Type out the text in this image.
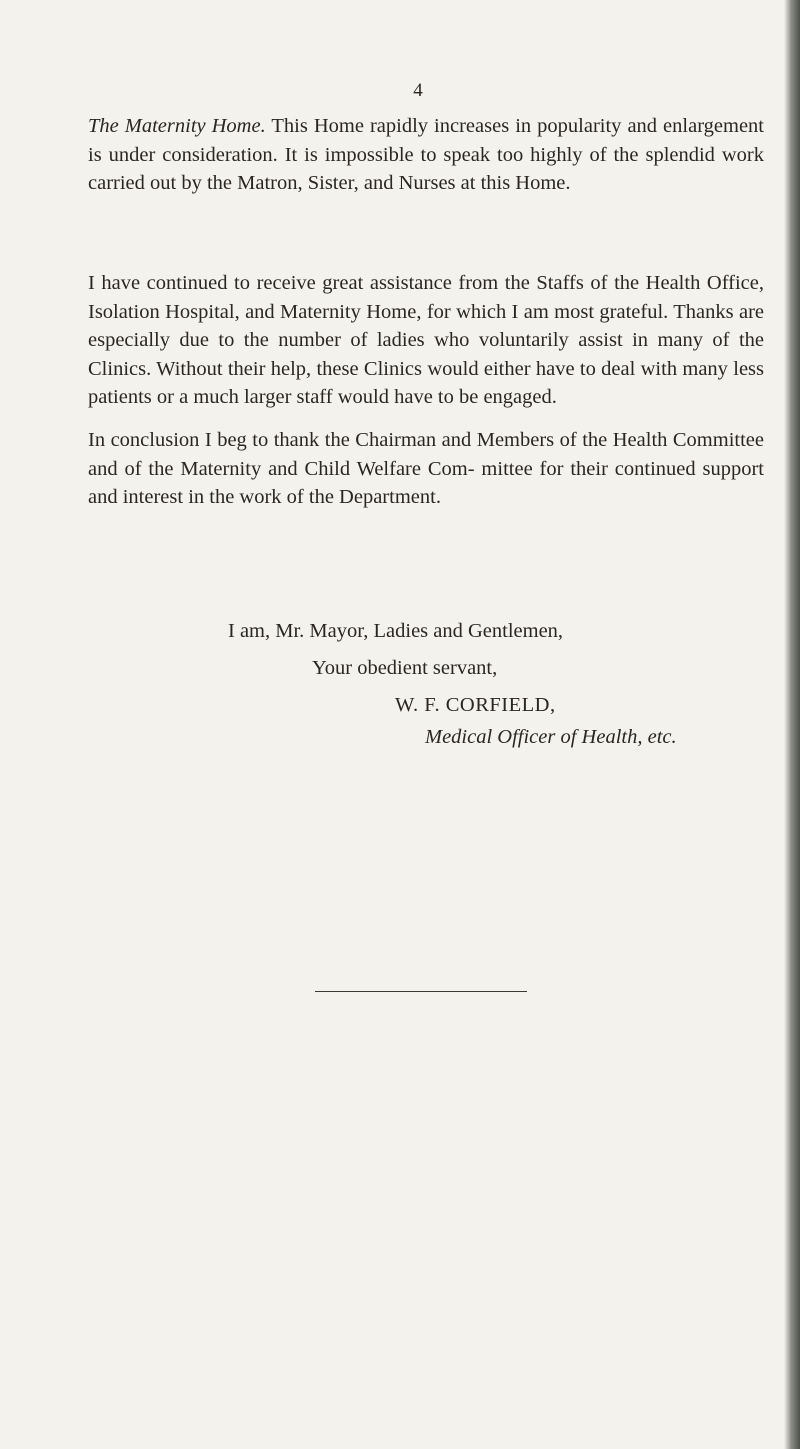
4

The Maternity Home. This Home rapidly increases in popularity and enlargement is under consideration. It is impossible to speak too highly of the splendid work carried out by the Matron, Sister, and Nurses at this Home.

I have continued to receive great assistance from the Staffs of the Health Office, Isolation Hospital, and Maternity Home, for which I am most grateful. Thanks are especially due to the number of ladies who voluntarily assist in many of the Clinics. Without their help, these Clinics would either have to deal with many less patients or a much larger staff would have to be engaged.

In conclusion I beg to thank the Chairman and Members of the Health Committee and of the Maternity and Child Welfare Com- mittee for their continued support and interest in the work of the Department.

I am, Mr. Mayor, Ladies and Gentlemen,
Your obedient servant,
W. F. CORFIELD,
Medical Officer of Health, etc.
